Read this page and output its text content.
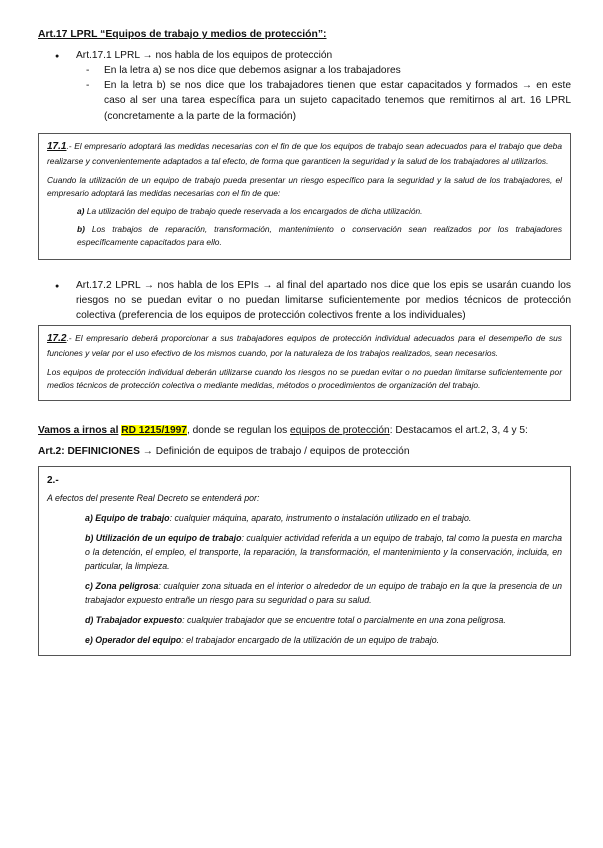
Art.17 LPRL “Equipos de trabajo y medios de protección”:
● Art.17.1 LPRL → nos habla de los equipos de protección
- En la letra a) se nos dice que debemos asignar a los trabajadores
- En la letra b) se nos dice que los trabajadores tienen que estar capacitados y formados → en este caso al ser una tarea específica para un sujeto capacitado tenemos que remitirnos al art. 16 LPRL (concretamente a la parte de la formación)

17.1.- El empresario adoptará las medidas necesarias con el fin de que los equipos de trabajo sean adecuados para el trabajo que deba realizarse y convenientemente adaptados a tal efecto, de forma que garanticen la seguridad y la salud de los trabajadores al utilizarlos.

Cuando la utilización de un equipo de trabajo pueda presentar un riesgo específico para la seguridad y la salud de los trabajadores, el empresario adoptará las medidas necesarias con el fin de que:

a) La utilización del equipo de trabajo quede reservada a los encargados de dicha utilización.

b) Los trabajos de reparación, transformación, mantenimiento o conservación sean realizados por los trabajadores específicamente capacitados para ello.

● Art.17.2 LPRL → nos habla de los EPIs → al final del apartado nos dice que los epis se usarán cuando los riesgos no se puedan evitar o no puedan limitarse suficientemente por medios técnicos de protección colectiva (preferencia de los equipos de protección colectivos frente a los individuales)

17.2.- El empresario deberá proporcionar a sus trabajadores equipos de protección individual adecuados para el desempeño de sus funciones y velar por el uso efectivo de los mismos cuando, por la naturaleza de los trabajos realizados, sean necesarios.

Los equipos de protección individual deberán utilizarse cuando los riesgos no se puedan evitar o no puedan limitarse suficientemente por medios técnicos de protección colectiva o mediante medidas, métodos o procedimientos de organización del trabajo.

Vamos a irnos al RD 1215/1997, donde se regulan los equipos de protección: Destacamos el art.2, 3, 4 y 5:

Art.2: DEFINICIONES → Definición de equipos de trabajo / equipos de protección

2.-

A efectos del presente Real Decreto se entenderá por:

a) Equipo de trabajo: cualquier máquina, aparato, instrumento o instalación utilizado en el trabajo.

b) Utilización de un equipo de trabajo: cualquier actividad referida a un equipo de trabajo, tal como la puesta en marcha o la detención, el empleo, el transporte, la reparación, la transformación, el mantenimiento y la conservación, incluida, en particular, la limpieza.

c) Zona peligrosa: cualquier zona situada en el interior o alrededor de un equipo de trabajo en la que la presencia de un trabajador expuesto entrañe un riesgo para su seguridad o para su salud.

d) Trabajador expuesto: cualquier trabajador que se encuentre total o parcialmente en una zona peligrosa.

e) Operador del equipo: el trabajador encargado de la utilización de un equipo de trabajo.
